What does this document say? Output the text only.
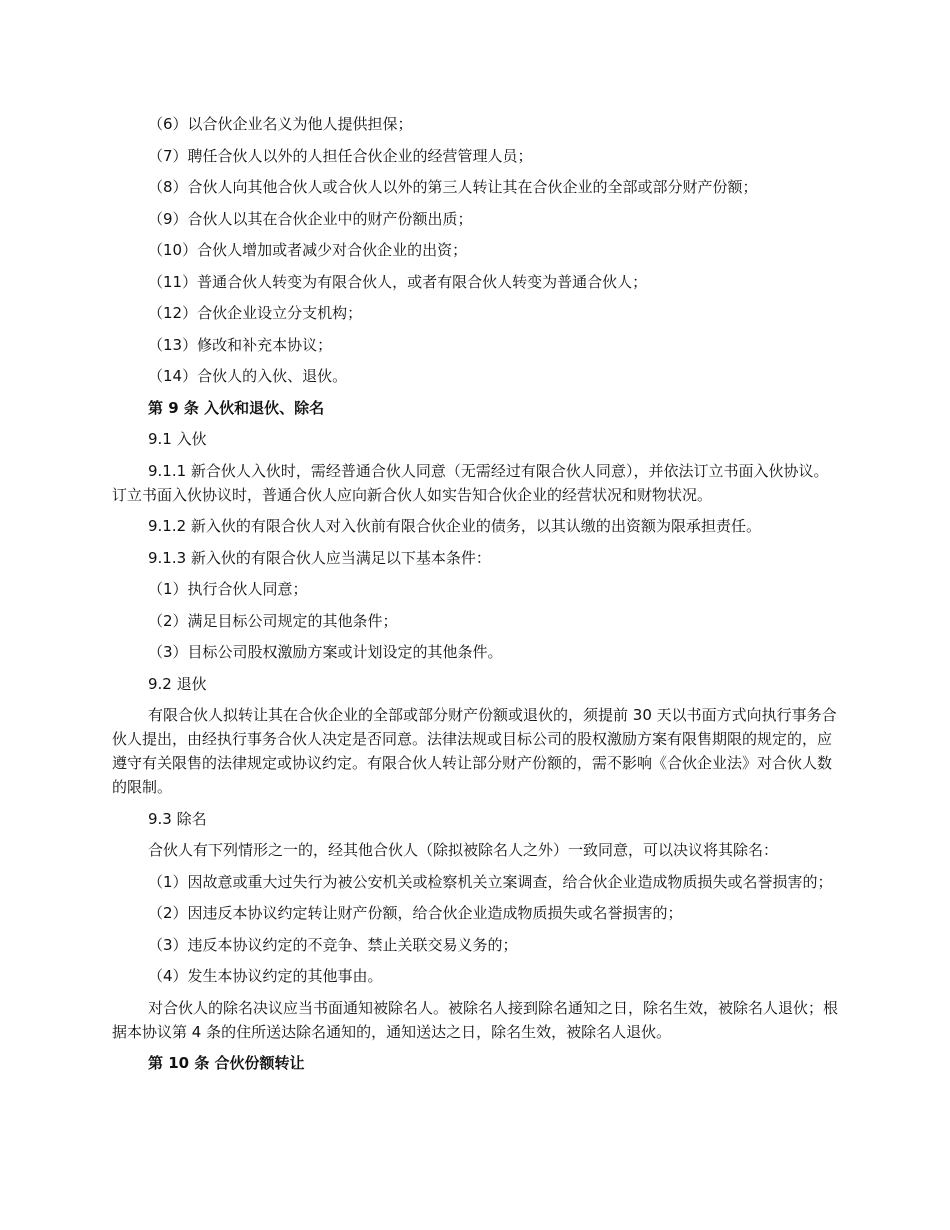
（6）以合伙企业名义为他人提供担保；

（7）聘任合伙人以外的人担任合伙企业的经营管理人员；

（8）合伙人向其他合伙人或合伙人以外的第三人转让其在合伙企业的全部或部分财产份额；

（9）合伙人以其在合伙企业中的财产份额出质；

（10）合伙人增加或者减少对合伙企业的出资；

（11）普通合伙人转变为有限合伙人，或者有限合伙人转变为普通合伙人；

（12）合伙企业设立分支机构；

（13）修改和补充本协议；

（14）合伙人的入伙、退伙。

第 9 条 入伙和退伙、除名

9.1 入伙

9.1.1 新合伙人入伙时，需经普通合伙人同意（无需经过有限合伙人同意），并依法订立书面入伙协议。订立书面入伙协议时，普通合伙人应向新合伙人如实告知合伙企业的经营状况和财物状况。

9.1.2 新入伙的有限合伙人对入伙前有限合伙企业的债务，以其认缴的出资额为限承担责任。

9.1.3 新入伙的有限合伙人应当满足以下基本条件：

（1）执行合伙人同意；

（2）满足目标公司规定的其他条件；

（3）目标公司股权激励方案或计划设定的其他条件。

9.2 退伙

有限合伙人拟转让其在合伙企业的全部或部分财产份额或退伙的，须提前 30 天以书面方式向执行事务合伙人提出，由经执行事务合伙人决定是否同意。法律法规或目标公司的股权激励方案有限售期限的规定的，应遵守有关限售的法律规定或协议约定。有限合伙人转让部分财产份额的，需不影响《合伙企业法》对合伙人数的限制。

9.3 除名

合伙人有下列情形之一的，经其他合伙人（除拟被除名人之外）一致同意，可以决议将其除名：

（1）因故意或重大过失行为被公安机关或检察机关立案调查，给合伙企业造成物质损失或名誉损害的；

（2）因违反本协议约定转让财产份额，给合伙企业造成物质损失或名誉损害的；

（3）违反本协议约定的不竞争、禁止关联交易义务的；

（4）发生本协议约定的其他事由。

对合伙人的除名决议应当书面通知被除名人。被除名人接到除名通知之日，除名生效，被除名人退伙；根据本协议第 4 条的住所送达除名通知的，通知送达之日，除名生效，被除名人退伙。

第 10 条 合伙份额转让
